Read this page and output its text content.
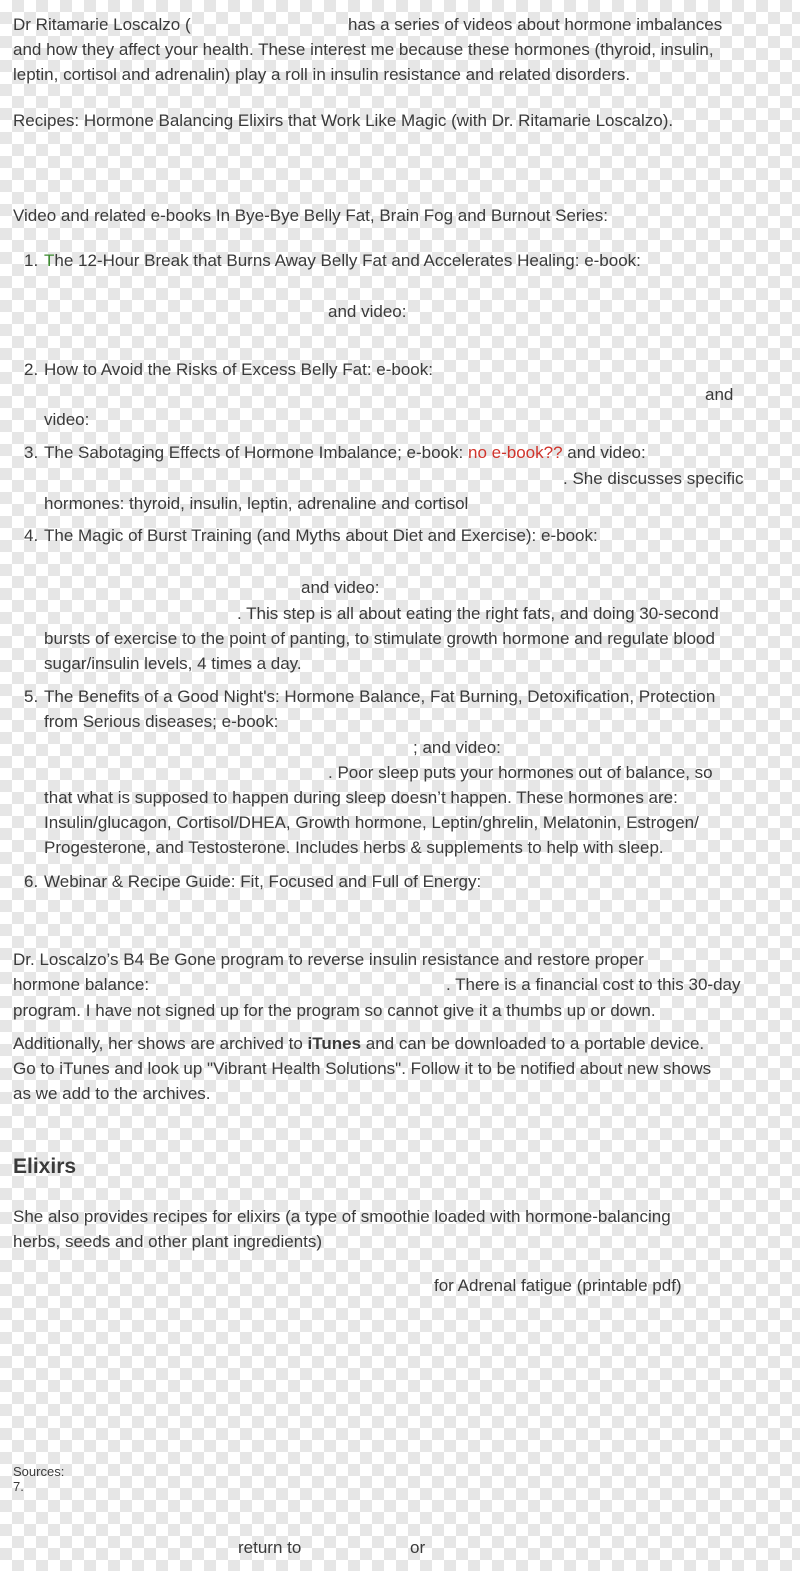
Dr Ritamarie Loscalzo (	has a series of videos about hormone imbalances
and how they affect your health. These interest me because these hormones (thyroid, insulin,
leptin, cortisol and adrenalin) play a roll in insulin resistance and related disorders.
Recipes: Hormone Balancing Elixirs that Work Like Magic (with Dr. Ritamarie Loscalzo).
Video and related e-books In Bye-Bye Belly Fat, Brain Fog and Burnout Series:
1. The 12-Hour Break that Burns Away Belly Fat and Accelerates Healing: e-book:
and video:
2. How to Avoid the Risks of Excess Belly Fat: e-book:
and
video:
3. The Sabotaging Effects of Hormone Imbalance; e-book: no e-book?? and video:
. She discusses specific
hormones: thyroid, insulin, leptin, adrenaline and cortisol
4. The Magic of Burst Training (and Myths about Diet and Exercise): e-book:
and video:
. This step is all about eating the right fats, and doing 30-second
bursts of exercise to the point of panting, to stimulate growth hormone and regulate blood
sugar/insulin levels, 4 times a day.
5. The Benefits of a Good Night's: Hormone Balance, Fat Burning, Detoxification, Protection
from Serious diseases; e-book:
; and video:
. Poor sleep puts your hormones out of balance, so
that what is supposed to happen during sleep doesn’t happen. These hormones are:
Insulin/glucagon, Cortisol/DHEA, Growth hormone, Leptin/ghrelin, Melatonin, Estrogen/
Progesterone, and Testosterone. Includes herbs & supplements to help with sleep.
6. Webinar & Recipe Guide: Fit, Focused and Full of Energy:
Dr. Loscalzo’s B4 Be Gone program to reverse insulin resistance and restore proper
hormone balance:	. There is a financial cost to this 30-day
program. I have not signed up for the program so cannot give it a thumbs up or down.
Additionally, her shows are archived to iTunes and can be downloaded to a portable device.
Go to iTunes and look up "Vibrant Health Solutions". Follow it to be notified about new shows
as we add to the archives.
Elixirs
She also provides recipes for elixirs (a type of smoothie loaded with hormone-balancing
herbs, seeds and other plant ingredients)
for Adrenal fatigue (printable pdf)
Sources:
7.
return to	or
